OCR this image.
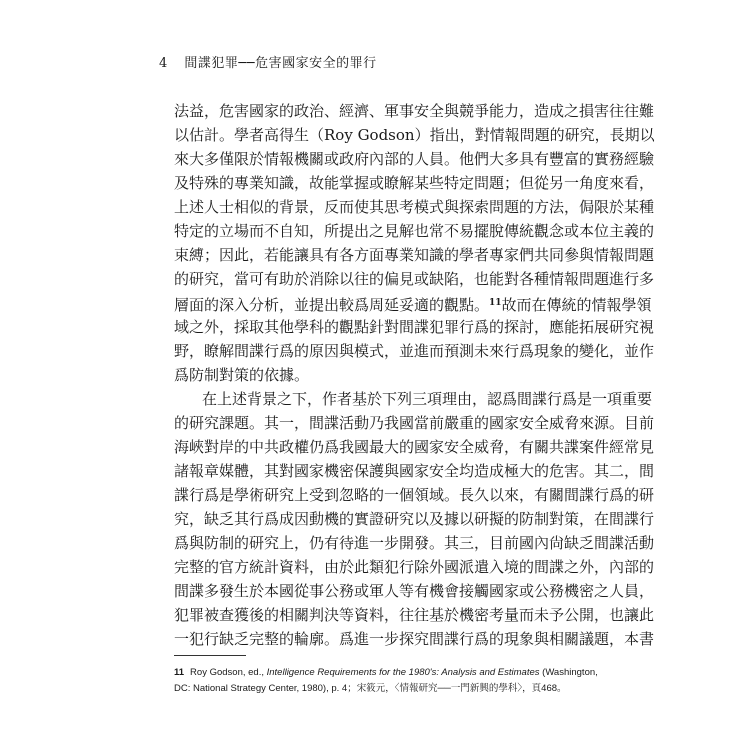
4 間諜犯罪──危害國家安全的罪行
法益，危害國家的政治、經濟、軍事安全與競爭能力，造成之損害往往難
以估計。學者高得生（Roy Godson）指出，對情報問題的研究，長期以
來大多僅限於情報機關或政府內部的人員。他們大多具有豐富的實務經驗
及特殊的專業知識，故能掌握或瞭解某些特定問題；但從另一角度來看，
上述人士相似的背景，反而使其思考模式與探索問題的方法，侷限於某種
特定的立場而不自知，所提出之見解也常不易擺脫傳統觀念或本位主義的
束縛；因此，若能讓具有各方面專業知識的學者專家們共同參與情報問題
的研究，當可有助於消除以往的偏見或缺陷，也能對各種情報問題進行多
層面的深入分析，並提出較爲周延妥適的觀點。$^{11}$故而在傳統的情報學領
域之外，採取其他學科的觀點針對間諜犯罪行爲的探討，應能拓展研究視
野，瞭解間諜行爲的原因與模式，並進而預測未來行爲現象的變化，並作
爲防制對策的依據。
在上述背景之下，作者基於下列三項理由，認爲間諜行爲是一項重要
的研究課題。其一，間諜活動乃我國當前嚴重的國家安全威脅來源。目前
海峽對岸的中共政權仍爲我國最大的國家安全威脅，有關共諜案件經常見
諸報章媒體，其對國家機密保護與國家安全均造成極大的危害。其二，間
諜行爲是學術研究上受到忽略的一個領域。長久以來，有關間諜行爲的研
究，缺乏其行爲成因動機的實證研究以及據以研擬的防制對策，在間諜行
爲與防制的研究上，仍有待進一步開發。其三，目前國內尙缺乏間諜活動
完整的官方統計資料，由於此類犯行除外國派遣入境的間諜之外，內部的
間諜多發生於本國從事公務或軍人等有機會接觸國家或公務機密之人員，
犯罪被查獲後的相關判決等資料，往往基於機密考量而未予公開，也讓此
一犯行缺乏完整的輪廓。爲進一步探究間諜行爲的現象與相關議題，本書
11 Roy Godson, ed., Intelligence Requirements for the 1980's: Analysis and Estimates (Washington,
DC: National Strategy Center, 1980), p. 4；宋筱元，〈情報研究──一門新興的學科〉，頁468。
